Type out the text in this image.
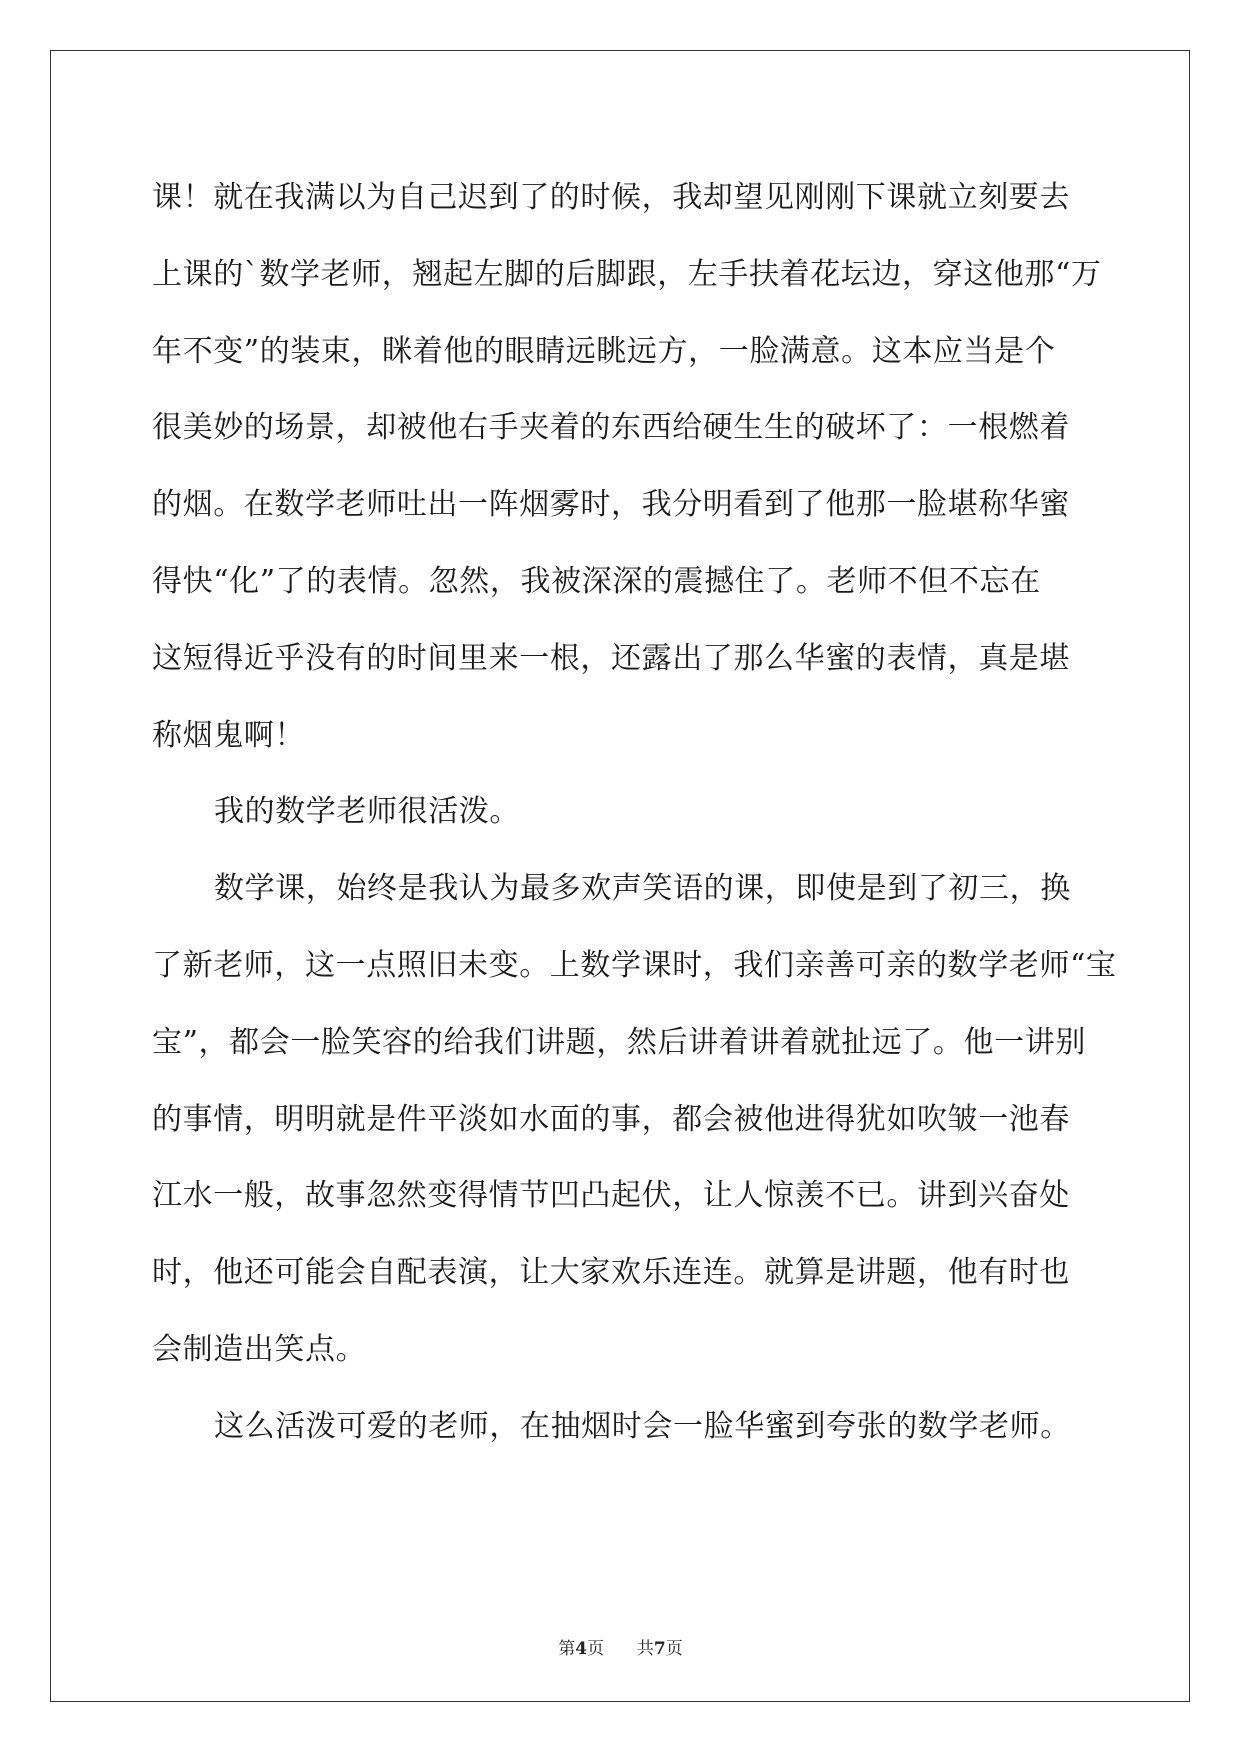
课！就在我满以为自己迟到了的时候，我却望见刚刚下课就立刻要去
上课的`数学老师，翘起左脚的后脚跟，左手扶着花坛边，穿这他那“万
年不变”的装束，眯着他的眼睛远眺远方，一脸满意。这本应当是个
很美妙的场景，却被他右手夹着的东西给硬生生的破坏了：一根燃着
的烟。在数学老师吐出一阵烟雾时，我分明看到了他那一脸堪称华蜜
得快“化”了的表情。忽然，我被深深的震撼住了。老师不但不忘在
这短得近乎没有的时间里来一根，还露出了那么华蜜的表情，真是堪
称烟鬼啊！
我的数学老师很活泼。
数学课，始终是我认为最多欢声笑语的课，即使是到了初三，换
了新老师，这一点照旧未变。上数学课时，我们亲善可亲的数学老师“宝
宝”，都会一脸笑容的给我们讲题，然后讲着讲着就扯远了。他一讲别
的事情，明明就是件平淡如水面的事，都会被他进得犹如吹皱一池春
江水一般，故事忽然变得情节凹凸起伏，让人惊羡不已。讲到兴奋处
时，他还可能会自配表演，让大家欢乐连连。就算是讲题，他有时也
会制造出笑点。
这么活泼可爱的老师，在抽烟时会一脸华蜜到夸张的数学老师。
第4页 共7页
